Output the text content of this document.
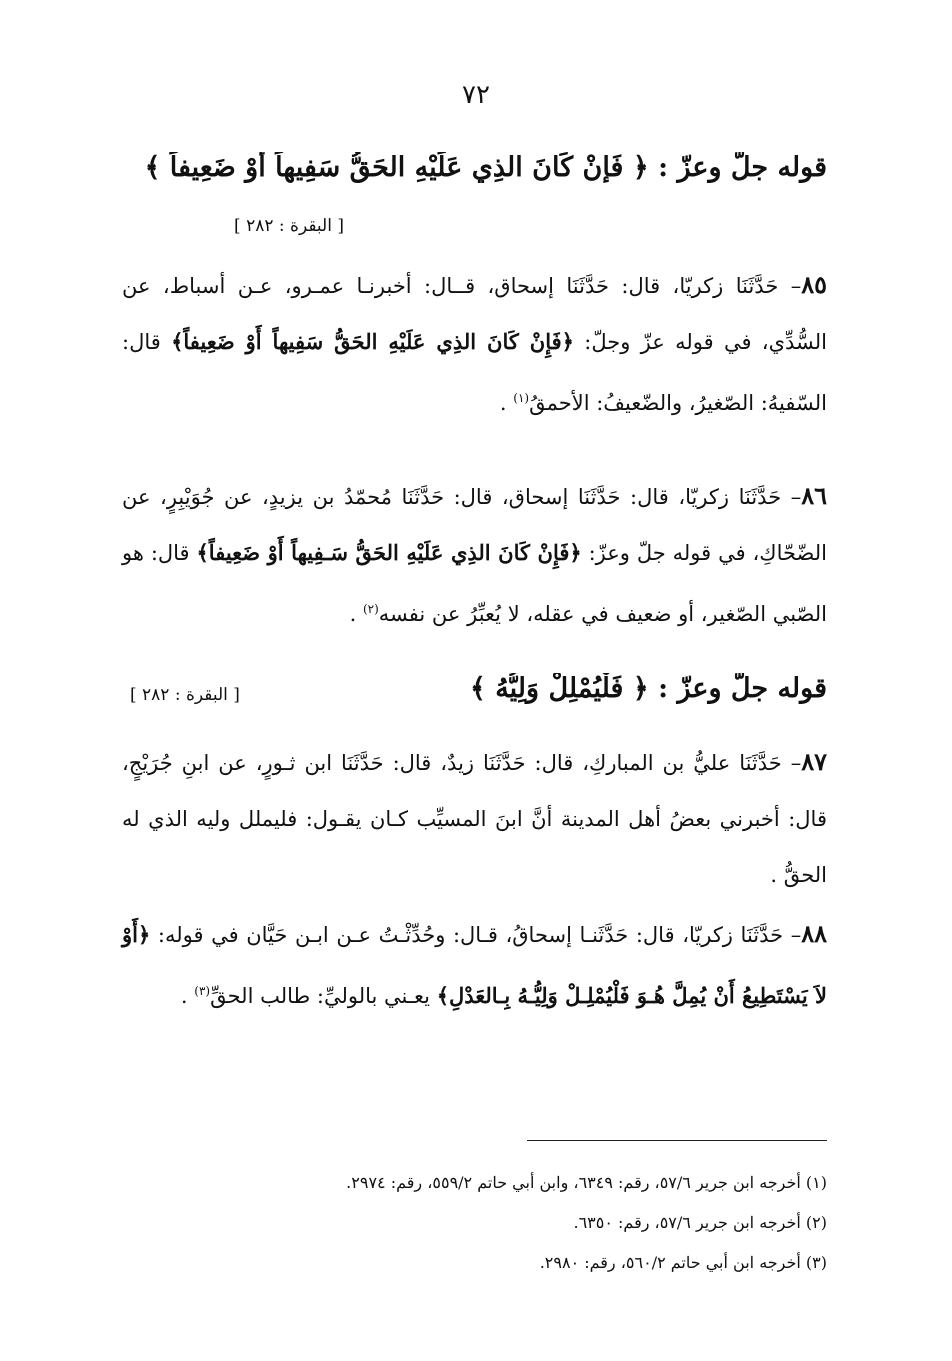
٧٢
قوله جلّ وعزّ : ﴿ فَإِنْ كَانَ الذِي عَلَيْهِ الحَقُّ سَفِيهاً أَوْ ضَعِيفاً ﴾
[ البقرة : ٢٨٢ ]
٨٥– حَدَّثَنَا زكريّا، قال: حَدَّثَنَا إسحاق، قــال: أخبرنـا عمـرو، عـن أسباط، عن السُّدِّي، في قوله عزّ وجلّ: ﴿فَإِنْ كَانَ الذِي عَلَيْهِ الحَقُّ سَفِيهاً أَوْ ضَعِيفاً﴾ قال: السّفيهُ: الصّغيرُ، والضّعيفُ: الأحمقُ$^{(١)}$ .
٨٦– حَدَّثَنَا زكريّا، قال: حَدَّثَنَا إسحاق، قال: حَدَّثَنَا مُحمّدُ بن يزيدٍ، عن جُوَيْبِرٍ، عن الضّحّاكِ، في قوله جلّ وعزّ: ﴿فَإِنْ كَانَ الذِي عَلَيْهِ الحَقُّ سَـفِيهاً أَوْ ضَعِيفاً﴾ قال: هو الصّبي الصّغير، أو ضعيف في عقله، لا يُعبِّرُ عن نفسه$^{(٢)}$ .
قوله جلّ وعزّ : ﴿ فَلْيُمْلِلْ وَلِيُّهُ ﴾
[ البقرة : ٢٨٢ ]
٨٧– حَدَّثَنَا عليُّ بن المباركِ، قال: حَدَّثَنَا زيدٌ، قال: حَدَّثَنَا ابن ثـورٍ، عن ابنِ جُرَيْجٍ، قال: أخبرني بعضُ أهل المدينة أنَّ ابنَ المسيِّب كـان يقـول: فليملل وليه الذي له الحقُّ .
٨٨– حَدَّثَنَا زكريّا، قال: حَدَّثَنـا إسحاقُ، قـال: وحُدِّثْـتُ عـن ابـن حَيَّان في قوله: ﴿أَوْ لاَ يَسْتَطِيعُ أَنْ يُمِلَّ هُـوَ فَلْيُمْلِـلْ وَلِيُّـهُ بِـالعَدْلِ﴾ يعـني بالوليِّ: طالب الحقِّ$^{(٣)}$ .
(١) أخرجه ابن جرير ٥٧/٦، رقم: ٦٣٤٩، وابن أبي حاتم ٥٥٩/٢، رقم: ٢٩٧٤.
(٢) أخرجه ابن جرير ٥٧/٦، رقم: ٦٣٥٠.
(٣) أخرجه ابن أبي حاتم ٥٦٠/٢، رقم: ٢٩٨٠.
